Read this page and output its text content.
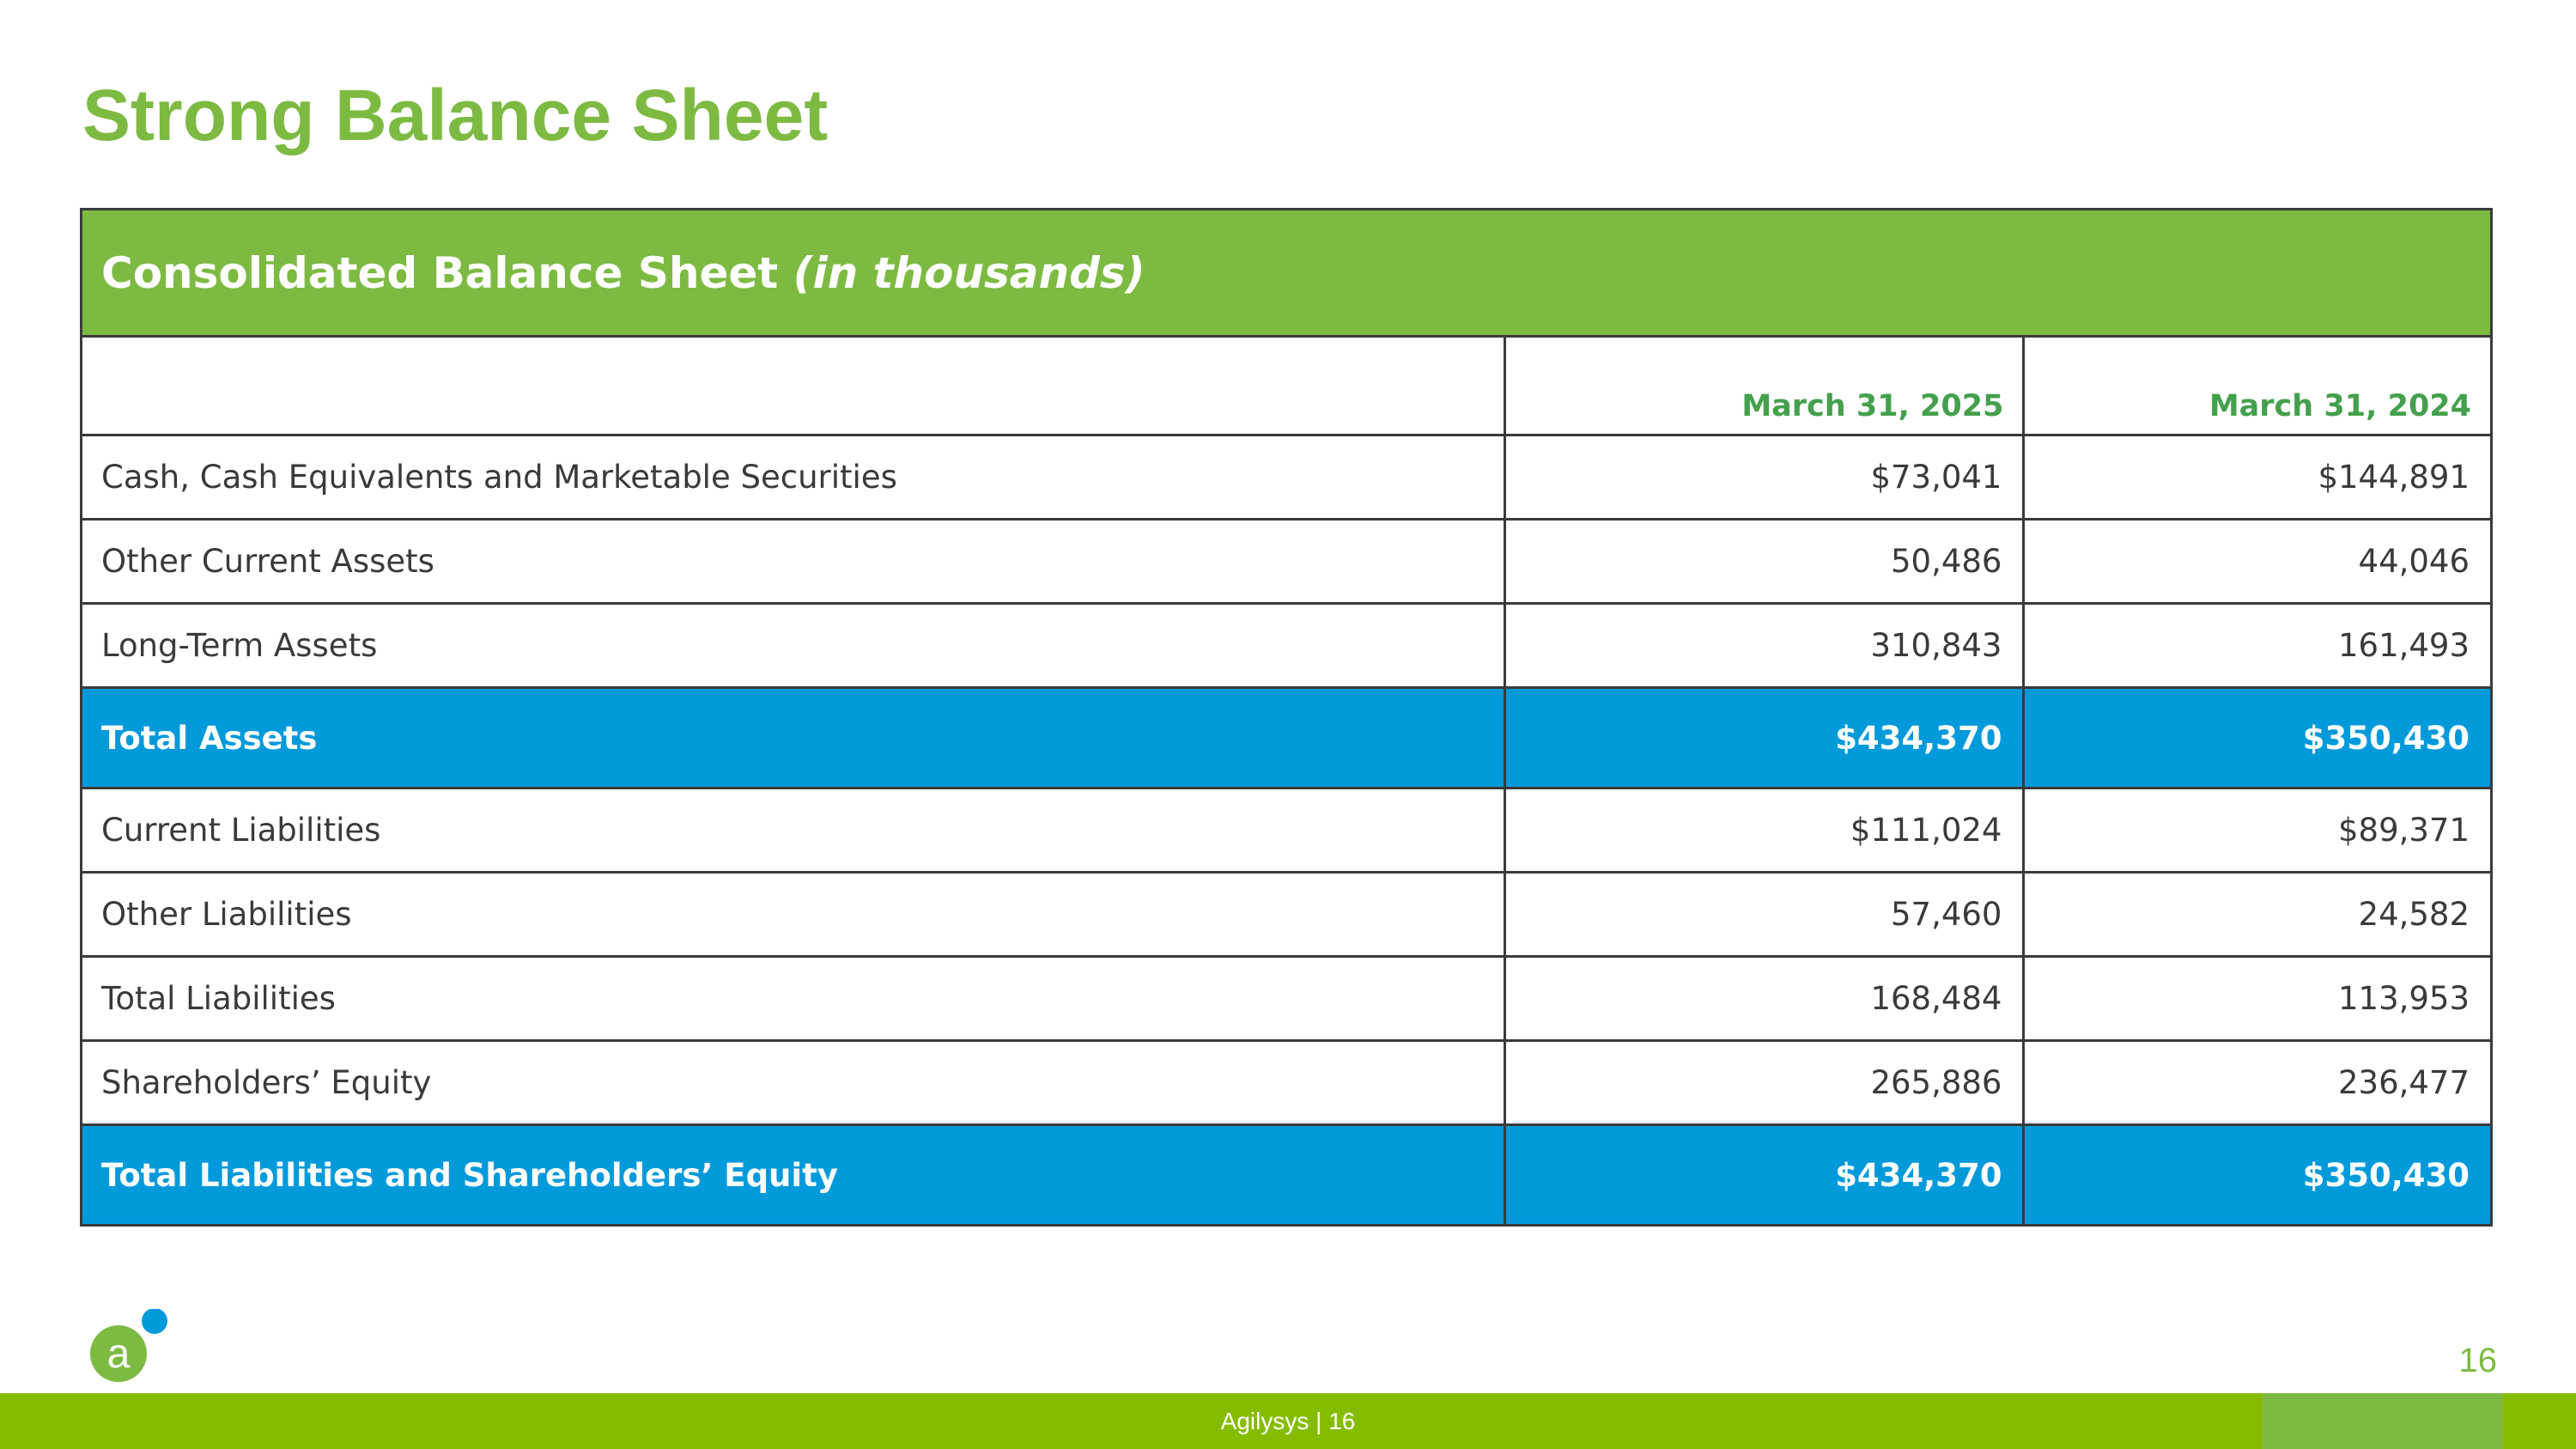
Strong Balance Sheet
Consolidated Balance Sheet (in thousands)		
	March 31, 2025	March 31, 2024
Cash, Cash Equivalents and Marketable Securities	$73,041	$144,891
Other Current Assets	50,486	44,046
Long-Term Assets	310,843	161,493
Total Assets	$434,370	$350,430
Current Liabilities	$111,024	$89,371
Other Liabilities	57,460	24,582
Total Liabilities	168,484	113,953
Shareholders’ Equity	265,886	236,477
Total Liabilities and Shareholders’ Equity	$434,370	$350,430
a	16
Agilysys | 16
